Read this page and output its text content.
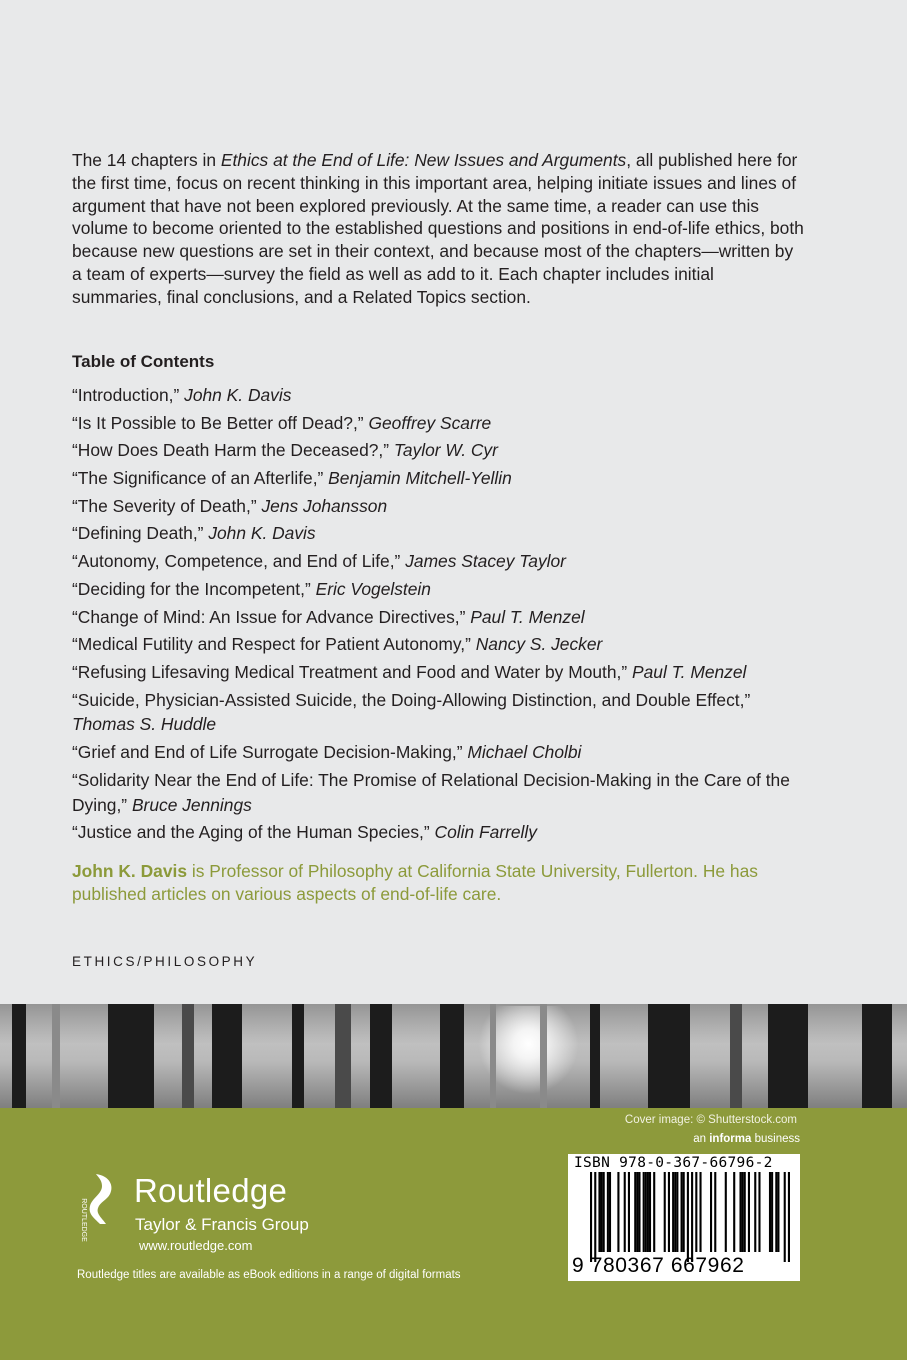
The 14 chapters in Ethics at the End of Life: New Issues and Arguments, all published here for the first time, focus on recent thinking in this important area, helping initiate issues and lines of argument that have not been explored previously. At the same time, a reader can use this volume to become oriented to the established questions and positions in end-of-life ethics, both because new questions are set in their context, and because most of the chapters—written by a team of experts—survey the field as well as add to it. Each chapter includes initial summaries, final conclusions, and a Related Topics section.
Table of Contents
“Introduction,” John K. Davis
“Is It Possible to Be Better off Dead?,” Geoffrey Scarre
“How Does Death Harm the Deceased?,” Taylor W. Cyr
“The Significance of an Afterlife,” Benjamin Mitchell-Yellin
“The Severity of Death,” Jens Johansson
“Defining Death,” John K. Davis
“Autonomy, Competence, and End of Life,” James Stacey Taylor
“Deciding for the Incompetent,” Eric Vogelstein
“Change of Mind: An Issue for Advance Directives,” Paul T. Menzel
“Medical Futility and Respect for Patient Autonomy,” Nancy S. Jecker
“Refusing Lifesaving Medical Treatment and Food and Water by Mouth,” Paul T. Menzel
“Suicide, Physician-Assisted Suicide, the Doing-Allowing Distinction, and Double Effect,” Thomas S. Huddle
“Grief and End of Life Surrogate Decision-Making,” Michael Cholbi
“Solidarity Near the End of Life: The Promise of Relational Decision-Making in the Care of the Dying,” Bruce Jennings
“Justice and the Aging of the Human Species,” Colin Farrelly
John K. Davis is Professor of Philosophy at California State University, Fullerton. He has published articles on various aspects of end-of-life care.
ETHICS/PHILOSOPHY
Cover image: © Shutterstock.com
an informa business
ROUTLEDGE
Routledge
Taylor & Francis Group
www.routledge.com
Routledge titles are available as eBook editions in a range of digital formats
ISBN 978-0-367-66796-2
9 780367 667962
